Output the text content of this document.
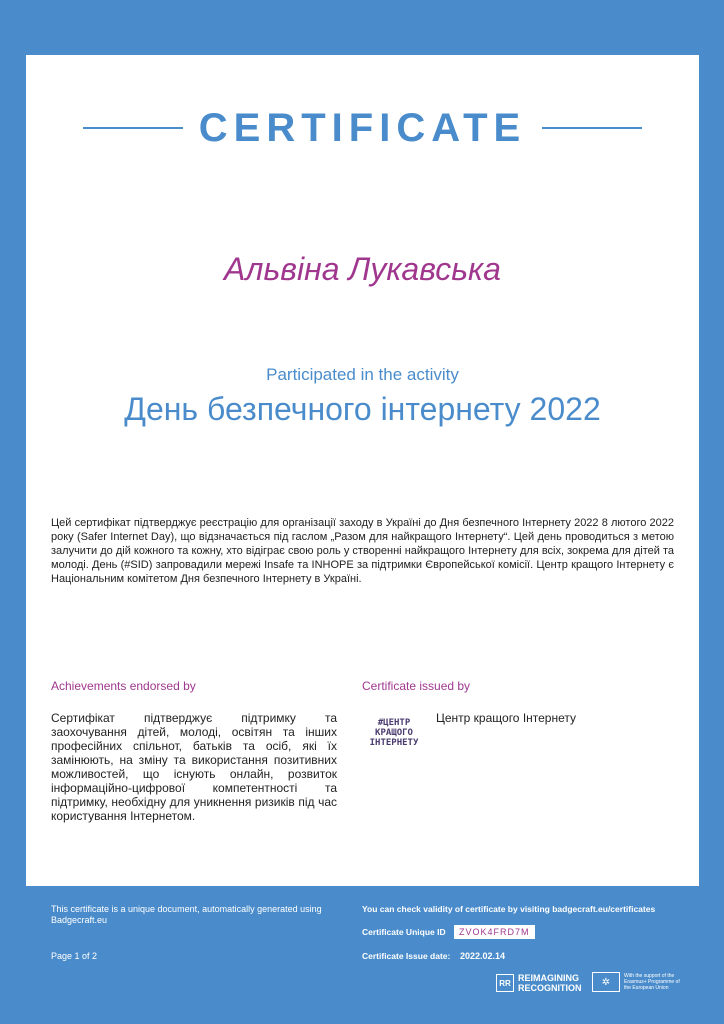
CERTIFICATE
Альвіна Лукавська
Participated in the activity
День безпечного інтернету 2022
Цей сертифікат підтверджує реєстрацію для організації заходу в Україні до Дня безпечного Інтернету 2022 8 лютого 2022 року (Safer Internet Day), що відзначається під гаслом „Разом для найкращого Інтернету“. Цей день проводиться з метою залучити до дій кожного та кожну, хто відіграє свою роль у створенні найкращого Інтернету для всіх, зокрема для дітей та молоді. День (#SID) запровадили мережі Insafe та INHOPE за підтримки Європейської комісії. Центр кращого Інтернету є Національним комітетом Дня безпечного Інтернету в Україні.
Achievements endorsed by
Сертифікат підтверджує підтримку та заохочування дітей, молоді, освітян та інших професійних спільнот, батьків та осіб, які їх замінюють, на зміну та використання позитивних можливостей, що існують онлайн, розвиток інформаційно-цифрової компетентності та підтримку, необхідну для уникнення ризиків під час користування Інтернетом.
Certificate issued by
#ЦЕНТР КРАЩОГО ІНТЕРНЕТУ
Центр кращого Інтернету
This certificate is a unique document, automatically generated using Badgecraft.eu
Page 1 of 2
You can check validity of certificate by visiting badgecraft.eu/certificates
Certificate Unique ID	ZVOK4FRD7M
Certificate Issue date: 2022.02.14
RR REIMAGINING
RECOGNITION
✲
With the support of the Erasmus+ Programme of the European Union
